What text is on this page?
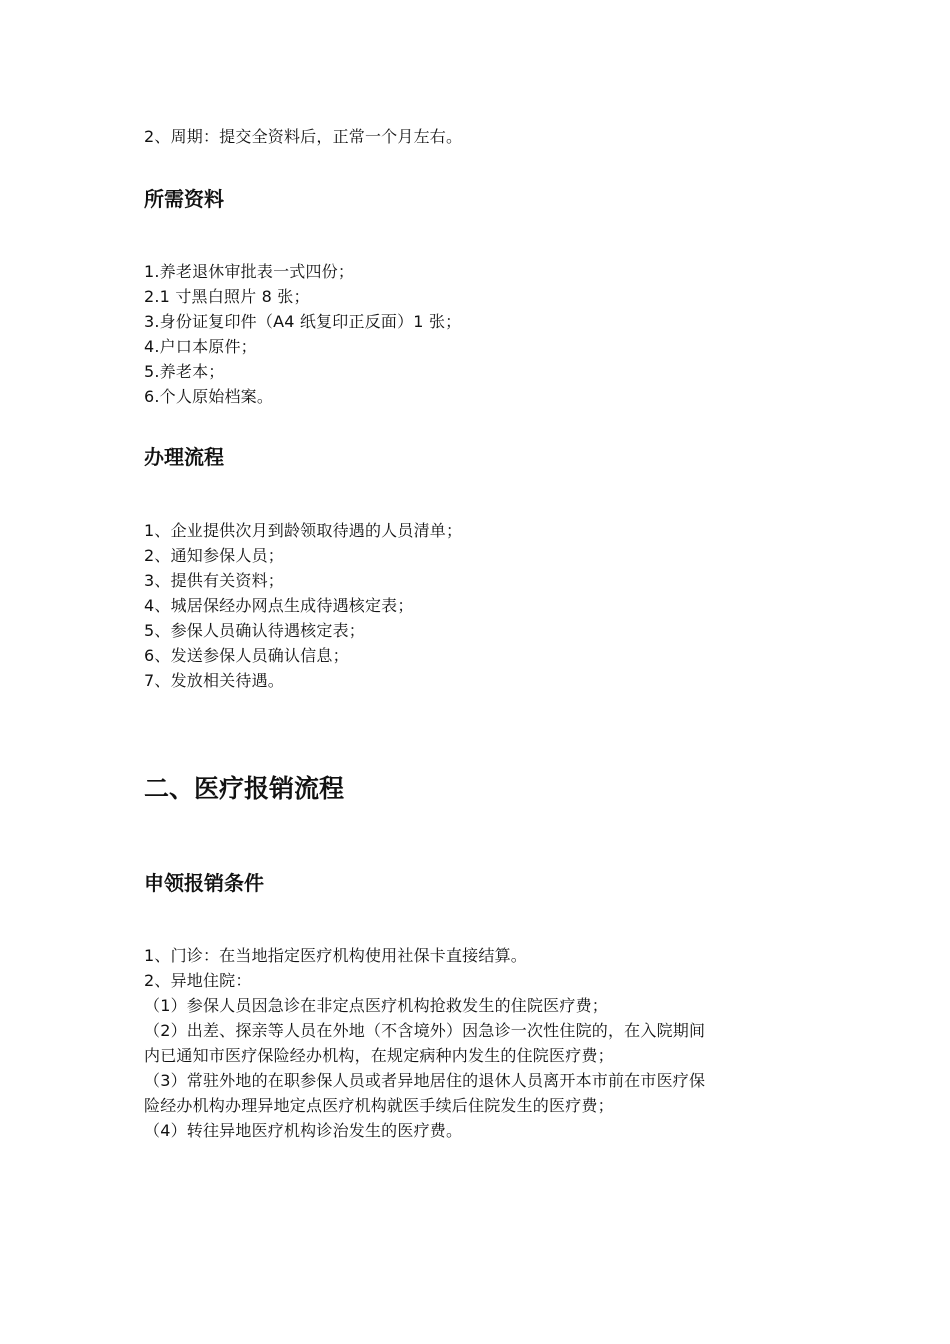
2、周期：提交全资料后，正常一个月左右。
所需资料
1.养老退休审批表一式四份；
2.1 寸黑白照片 8 张；
3.身份证复印件（A4 纸复印正反面）1 张；
4.户口本原件；
5.养老本；
6.个人原始档案。
办理流程
1、企业提供次月到龄领取待遇的人员清单；
2、通知参保人员；
3、提供有关资料；
4、城居保经办网点生成待遇核定表；
5、参保人员确认待遇核定表；
6、发送参保人员确认信息；
7、发放相关待遇。
二、医疗报销流程
申领报销条件
1、门诊：在当地指定医疗机构使用社保卡直接结算。
2、异地住院：
（1）参保人员因急诊在非定点医疗机构抢救发生的住院医疗费；
（2）出差、探亲等人员在外地（不含境外）因急诊一次性住院的，在入院期间
内已通知市医疗保险经办机构，在规定病种内发生的住院医疗费；
（3）常驻外地的在职参保人员或者异地居住的退休人员离开本市前在市医疗保
险经办机构办理异地定点医疗机构就医手续后住院发生的医疗费；
（4）转往异地医疗机构诊治发生的医疗费。
